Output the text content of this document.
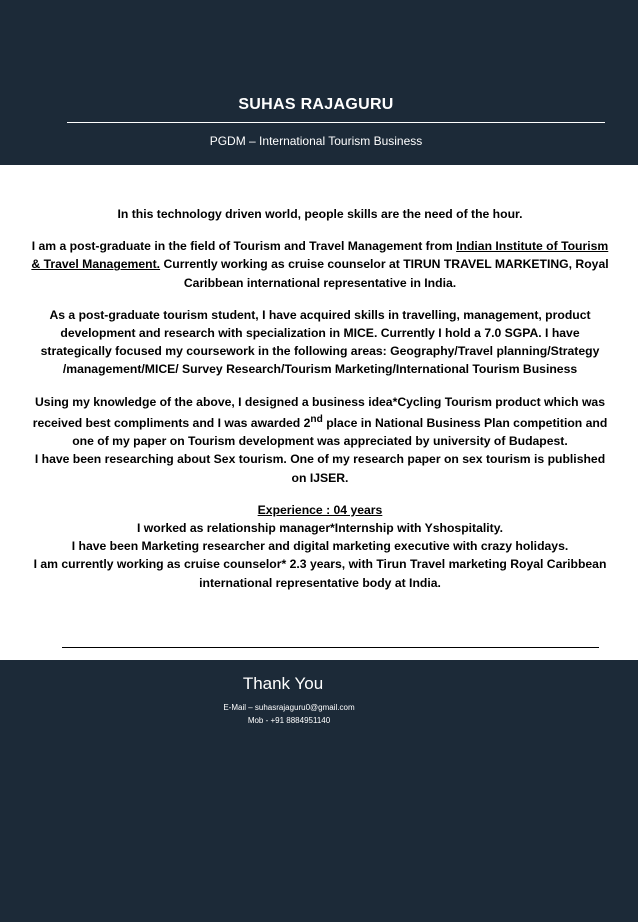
SUHAS RAJAGURU
PGDM – International Tourism Business

In this technology driven world, people skills are the need of the hour.

I am a post-graduate in the field of Tourism and Travel Management from Indian Institute of Tourism & Travel Management. Currently working as cruise counselor at TIRUN TRAVEL MARKETING, Royal Caribbean international representative in India.

As a post-graduate tourism student, I have acquired skills in travelling, management, product development and research with specialization in MICE. Currently I hold a 7.0 SGPA. I have strategically focused my coursework in the following areas: Geography/Travel planning/Strategy /management/MICE/ Survey Research/Tourism Marketing/International Tourism Business

Using my knowledge of the above, I designed a business idea*Cycling Tourism product which was received best compliments and I was awarded 2nd place in National Business Plan competition and one of my paper on Tourism development was appreciated by university of Budapest.

I have been researching about Sex tourism. One of my research paper on sex tourism is published on IJSER.

Experience : 04 years

I worked as relationship manager*Internship with Yshospitality.

I have been Marketing researcher and digital marketing executive with crazy holidays.

I am currently working as cruise counselor* 2.3 years, with Tirun Travel marketing Royal Caribbean international representative body at India.

Thank You
E-Mail – suhasrajaguru0@gmail.com
Mob - +91 8884951140
